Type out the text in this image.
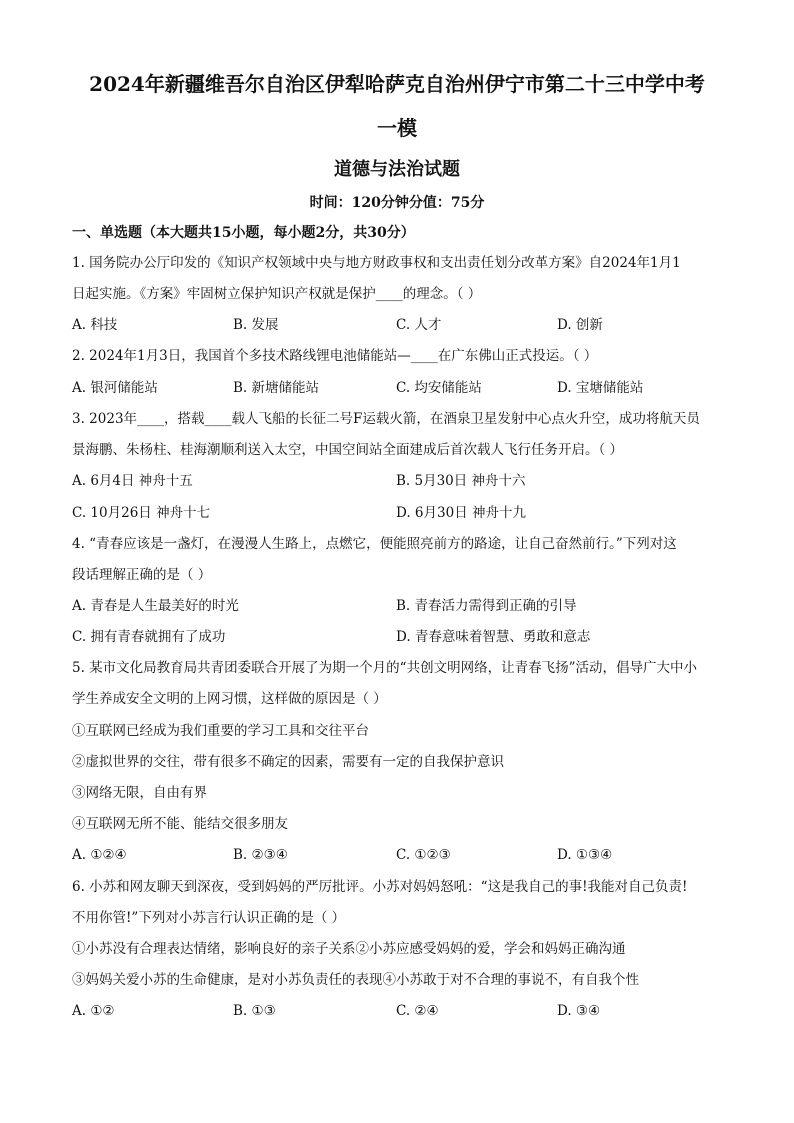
2024年新疆维吾尔自治区伊犁哈萨克自治州伊宁市第二十三中学中考
一模
道德与法治试题
时间：120分钟分值：75分
一、单选题（本大题共15小题，每小题2分，共30分）
1. 国务院办公厅印发的《知识产权领域中央与地方财政事权和支出责任划分改革方案》自2024年1月1
日起实施。《方案》牢固树立保护知识产权就是保护____的理念。（ ）
A. 科技	B. 发展	C. 人才	D. 创新
2. 2024年1月3日，我国首个多技术路线锂电池储能站—____在广东佛山正式投运。（ ）
A. 银河储能站	B. 新塘储能站	C. 均安储能站	D. 宝塘储能站
3. 2023年____，搭载____载人飞船的长征二号F运载火箭，在酒泉卫星发射中心点火升空，成功将航天员
景海鹏、朱杨柱、桂海潮顺利送入太空，中国空间站全面建成后首次载人飞行任务开启。（ ）
A. 6月4日 神舟十五	B. 5月30日 神舟十六
C. 10月26日 神舟十七	D. 6月30日 神舟十九
4. “青春应该是一盏灯，在漫漫人生路上，点燃它，便能照亮前方的路途，让自己奋然前行。”下列对这
段话理解正确的是（ ）
A. 青春是人生最美好的时光	B. 青春活力需得到正确的引导
C. 拥有青春就拥有了成功	D. 青春意味着智慧、勇敢和意志
5. 某市文化局教育局共青团委联合开展了为期一个月的“共创文明网络，让青春飞扬”活动，倡导广大中小
学生养成安全文明的上网习惯，这样做的原因是（ ）
①互联网已经成为我们重要的学习工具和交往平台
②虚拟世界的交往，带有很多不确定的因素，需要有一定的自我保护意识
③网络无限，自由有界
④互联网无所不能、能结交很多朋友
A. ①②④	B. ②③④	C. ①②③	D. ①③④
6. 小苏和网友聊天到深夜，受到妈妈的严厉批评。小苏对妈妈怒吼：“这是我自己的事!我能对自己负责!
不用你管!”下列对小苏言行认识正确的是（ ）
①小苏没有合理表达情绪，影响良好的亲子关系②小苏应感受妈妈的爱，学会和妈妈正确沟通
③妈妈关爱小苏的生命健康，是对小苏负责任的表现④小苏敢于对不合理的事说不，有自我个性
A. ①②	B. ①③	C. ②④	D. ③④
